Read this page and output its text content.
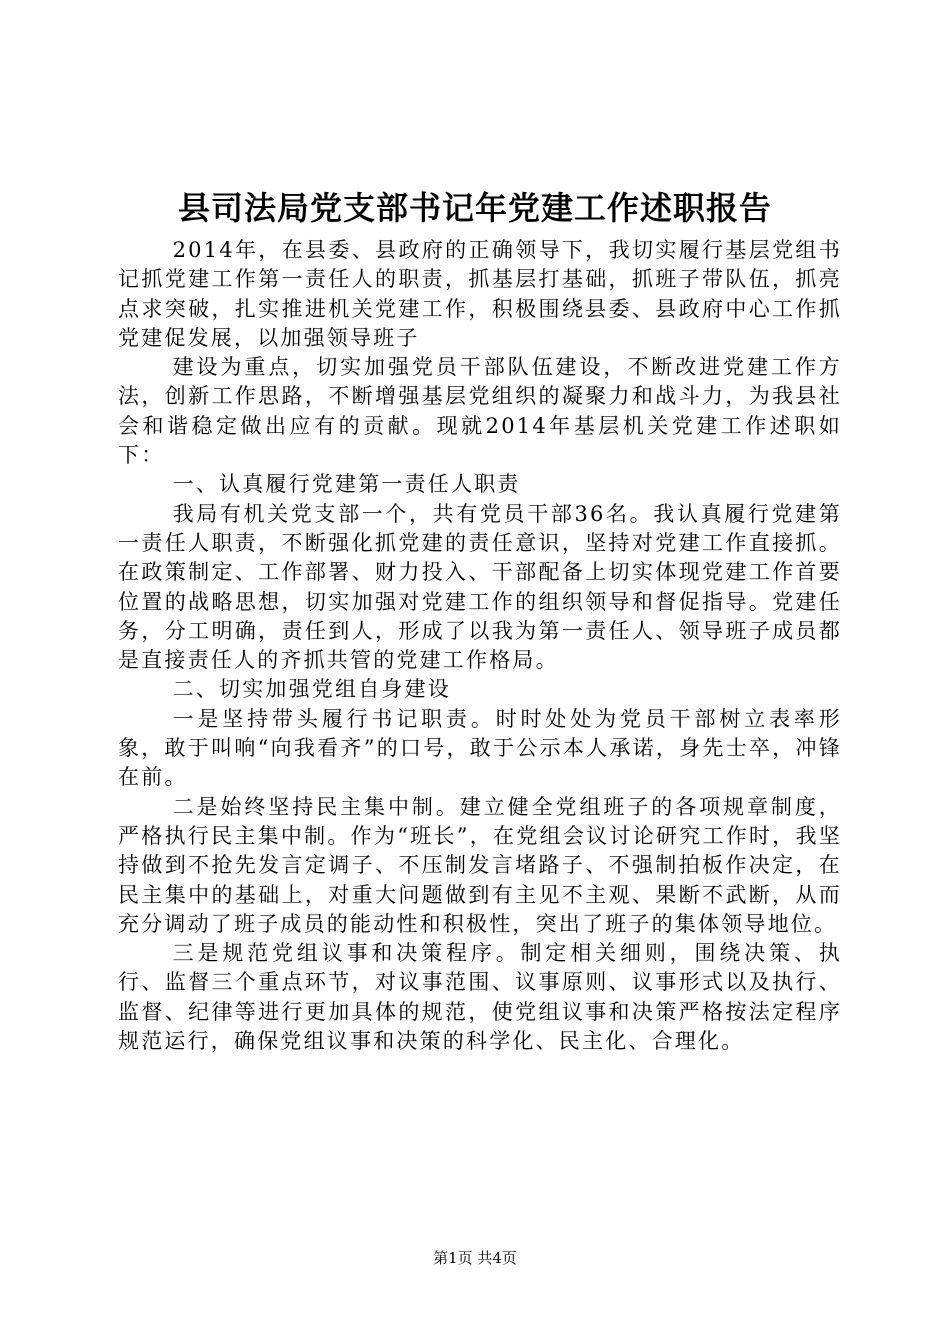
县司法局党支部书记年党建工作述职报告

2014年，在县委、县政府的正确领导下，我切实履行基层党组书记抓党建工作第一责任人的职责，抓基层打基础，抓班子带队伍，抓亮点求突破，扎实推进机关党建工作，积极围绕县委、县政府中心工作抓党建促发展，以加强领导班子

建设为重点，切实加强党员干部队伍建设，不断改进党建工作方法，创新工作思路，不断增强基层党组织的凝聚力和战斗力，为我县社会和谐稳定做出应有的贡献。现就2014年基层机关党建工作述职如下：

一、认真履行党建第一责任人职责

我局有机关党支部一个，共有党员干部36名。我认真履行党建第一责任人职责，不断强化抓党建的责任意识，坚持对党建工作直接抓。在政策制定、工作部署、财力投入、干部配备上切实体现党建工作首要位置的战略思想，切实加强对党建工作的组织领导和督促指导。党建任务，分工明确，责任到人，形成了以我为第一责任人、领导班子成员都是直接责任人的齐抓共管的党建工作格局。

二、切实加强党组自身建设

一是坚持带头履行书记职责。时时处处为党员干部树立表率形象，敢于叫响“向我看齐”的口号，敢于公示本人承诺，身先士卒，冲锋在前。

二是始终坚持民主集中制。建立健全党组班子的各项规章制度，严格执行民主集中制。作为“班长”，在党组会议讨论研究工作时，我坚持做到不抢先发言定调子、不压制发言堵路子、不强制拍板作决定，在民主集中的基础上，对重大问题做到有主见不主观、果断不武断，从而充分调动了班子成员的能动性和积极性，突出了班子的集体领导地位。

三是规范党组议事和决策程序。制定相关细则，围绕决策、执行、监督三个重点环节，对议事范围、议事原则、议事形式以及执行、监督、纪律等进行更加具体的规范，使党组议事和决策严格按法定程序规范运行，确保党组议事和决策的科学化、民主化、合理化。

第1页 共4页
